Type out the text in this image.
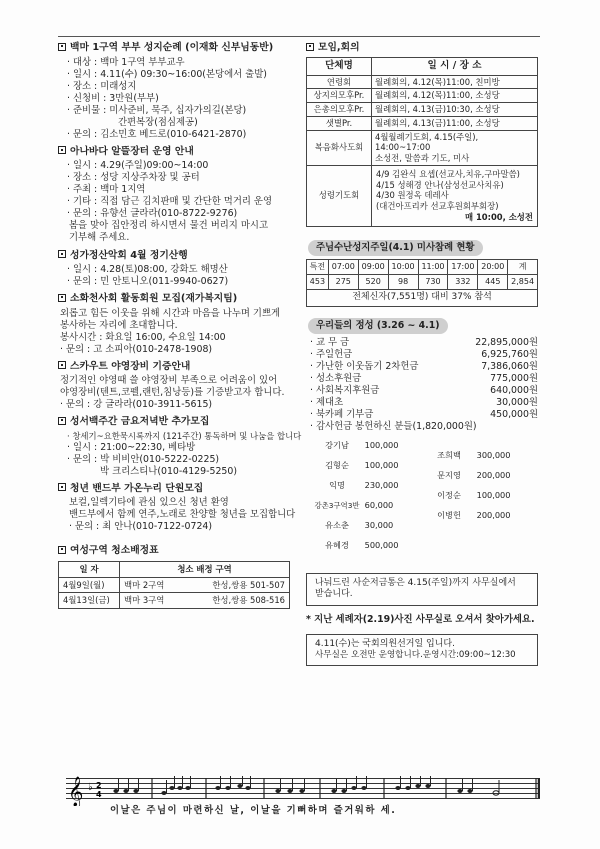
백마 1구역 부부 성지순례 (이재화 신부님동반)
· 대상 : 백마 1구역 부부교우
· 일시 : 4.11(수) 09:30~16:00(본당에서 출발)
· 장소 : 미래성지
· 신청비 : 3만원(부부)
· 준비물 : 미사준비, 묵주, 십자가의길(본당)
간편복장(점심제공)
· 문의 : 김소민호 베드로(010-6421-2870)
아나바다 알뜰장터 운영 안내
· 일시 : 4.29(주일)09:00~14:00
· 장소 : 성당 지상주차장 및 공터
· 주최 : 백마 1지역
· 기타 : 직접 담근 김치판매 및 간단한 먹거리 운영
· 문의 : 유향선 글라라(010-8722-9276)
봄을 맞아 집안정리 하시면서 물건 버리지 마시고
기부해 주세요.
성가정산악회 4월 정기산행
· 일시 : 4.28(토)08:00, 강화도 해명산
· 문의 : 민 안토니오(011-9940-0627)
소화천사회 활동회원 모집(재가복지팀)
외롭고 힘든 이웃을 위해 시간과 마음을 나누며 기쁘게
봉사하는 자리에 초대합니다.
봉사시간 : 화요일 16:00, 수요일 14:00
· 문의 : 고 소피아(010-2478-1908)
스카우트 야영장비 기증안내
정기적인 야영때 쓸 야영장비 부족으로 어려움이 있어
야영장비(텐트,코펠,랜턴,침낭등)를 기증받고자 합니다.
· 문의 : 강 글라라(010-3911-5615)
성서백주간 금요저녁반 추가모집
· 창세기~요한묵시록까지 (121주간) 통독하며 및 나눔을 합니다
· 일시 : 21:00~22:30, 베타방
· 문의 : 박 비비안(010-5222-0225)
박 크리스티나(010-4129-5250)
청년 밴드부 가온누리 단원모집
보컬,일렉기타에 관심 있으신 청년 환영
밴드부에서 함께 연주,노래로 찬양할 청년을 모집합니다
· 문의 : 최 안나(010-7122-0724)
여성구역 청소배정표
일 자	청소 배정 구역	
4월9일(월)	백마 2구역	한성,쌍용 501-507
4월13일(금)	백마 3구역	한성,쌍용 508-516
모임,회의
단체명	일 시 / 장 소
연령회	월례회의, 4.12(목)11:00, 친미방
상지의모후Pr.	월례회의, 4.12(목)11:00, 소성당
은총의모후Pr.	월례회의, 4.13(금)10:30, 소성당
샛별Pr.	월례회의, 4.13(금)11:00, 소성당
복음화사도회	4월월례기도회, 4.15(주일), 14:00~17:00
소성전, 말씀과 기도, 미사

성령기도회	4/9 김완식 요셉(선교사,치유,구마말씀)
4/15 성해경 안나(삼성선교사치유)
4/30 원정옥 데레사
(대건아프리카 선교후원회부회장)
매 10:00, 소성전
주님수난성지주일(4.1) 미사참례 현황
특전	07:00	09:00	10:00	11:00	17:00	20:00	계
453	275	520	98	730	332	445	2,854
전체신자(7,551명) 대비 37% 참석							
우리들의 정성 (3.26 ~ 4.1)
· 교 무 금	22,895,000원
· 주일헌금	6,925,760원
· 가난한 이웃돕기 2차헌금	7,386,060원
· 성소후원금	775,000원
· 사회복지후원금	640,000원
· 제대초	30,000원
· 북카페 기부금	450,000원
· 감사헌금 봉헌하신 분들(1,820,000원)
강기남 100,000
김형순 100,000
익명 230,000
강촌3구역3반 60,000
유소춘 30,000
유혜경 500,000
조희백 300,000
문지영 200,000
이정순 100,000
이병헌 200,000
나눠드린 사순저금통은 4.15(주일)까지 사무실에서
받습니다.
* 지난 세례자(2.19)사진 사무실로 오셔서 찾아가세요.
4.11(수)는 국회의원선거일 입니다.
사무실은 오전만 운영합니다.운영시간:09:00~12:30
𝄞 ♭ 2
4
이날은 주님이 마련하신 날, 이날을 기뻐하며 즐거워하 세.
